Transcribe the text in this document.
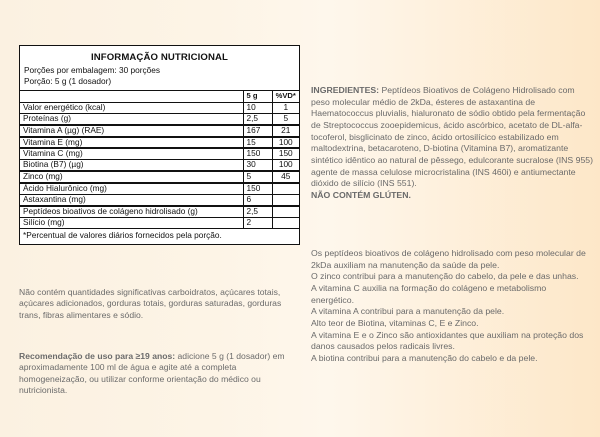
INFORMAÇÃO NUTRICIONAL
Porções por embalagem: 30 porções
Porção: 5 g (1 dosador)
	5 g	%VD*
Valor energético (kcal)	10	1
Proteínas (g)	2,5	5
Vitamina A (µg) (RAE)	167	21
Vitamina E (mg)	15	100
Vitamina C (mg)	150	150
Biotina (B7) (µg)	30	100
Zinco (mg)	5	45
Ácido Hialurônico (mg)	150	
Astaxantina (mg)	6	
Peptídeos bioativos de colágeno hidrolisado (g)	2,5	
Silício (mg)	2	
*Percentual de valores diários fornecidos pela porção.		
Não contém quantidades significativas carboidratos, açúcares totais, açúcares adicionados, gorduras totais, gorduras saturadas, gorduras trans, fibras alimentares e sódio.
Recomendação de uso para ≥19 anos: adicione 5 g (1 dosador) em aproximadamente 100 ml de água e agite até a completa homogeneização, ou utilizar conforme orientação do médico ou nutricionista.
INGREDIENTES: Peptídeos Bioativos de Colágeno Hidrolisado com peso molecular médio de 2kDa, ésteres de astaxantina de Haematococcus pluvialis, hialuronato de sódio obtido pela fermentação de Streptococcus zooepidemicus, ácido ascórbico, acetato de DL-alfa-tocoferol, bisglicinato de zinco, ácido ortosilícico estabilizado em maltodextrina, betacaroteno, D-biotina (Vitamina B7), aromatizante sintético idêntico ao natural de pêssego, edulcorante sucralose (INS 955) agente de massa celulose microcristalina (INS 460i) e antiumectante dióxido de silício (INS 551).
NÃO CONTÉM GLÚTEN.

Os peptídeos bioativos de colágeno hidrolisado com peso molecular de 2kDa auxiliam na manutenção da saúde da pele.

O zinco contribui para a manutenção do cabelo, da pele e das unhas.

A vitamina C auxilia na formação do colágeno e metabolismo energético.

A vitamina A contribui para a manutenção da pele.

Alto teor de Biotina, vitaminas C, E e Zinco.

A vitamina E e o Zinco são antioxidantes que auxiliam na proteção dos danos causados pelos radicais livres.

A biotina contribui para a manutenção do cabelo e da pele.
